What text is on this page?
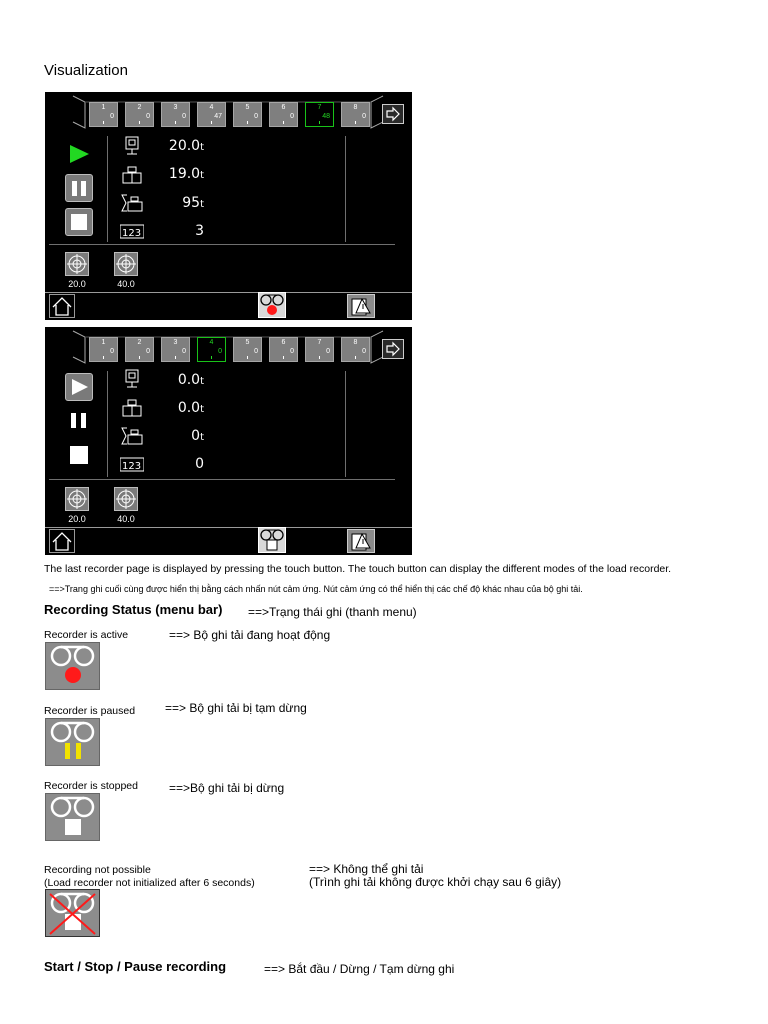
Visualization
1
0
2
0
3
0
4
47
5
0
6
0
7
48
8
0
20.0t
19.0t
95t
123	3
20.0	40.0
1
0
2
0
3
0
4
0
5
0
6
0
7
0
8
0
0.0t
0.0t
0t
123	0
20.0	40.0
The last recorder page is displayed by pressing the touch button. The touch button can display the different modes of the load recorder.
==>Trang ghi cuối cùng được hiển thị bằng cách nhấn nút cảm ứng. Nút cảm ứng có thể hiển thị các chế độ khác nhau của bộ ghi tải.
Recording Status (menu bar) ==>Trạng thái ghi (thanh menu)
Recorder is active	==> Bộ ghi tải đang hoạt động
Recorder is paused ==> Bộ ghi tải bị tạm dừng
Recorder is stopped	==>Bộ ghi tải bị dừng
Recording not possible
(Load recorder not initialized after 6 seconds)
==> Không thể ghi tải
(Trình ghi tải không được khởi chạy sau 6 giây)
Start / Stop / Pause recording	==> Bắt đầu / Dừng / Tạm dừng ghi
